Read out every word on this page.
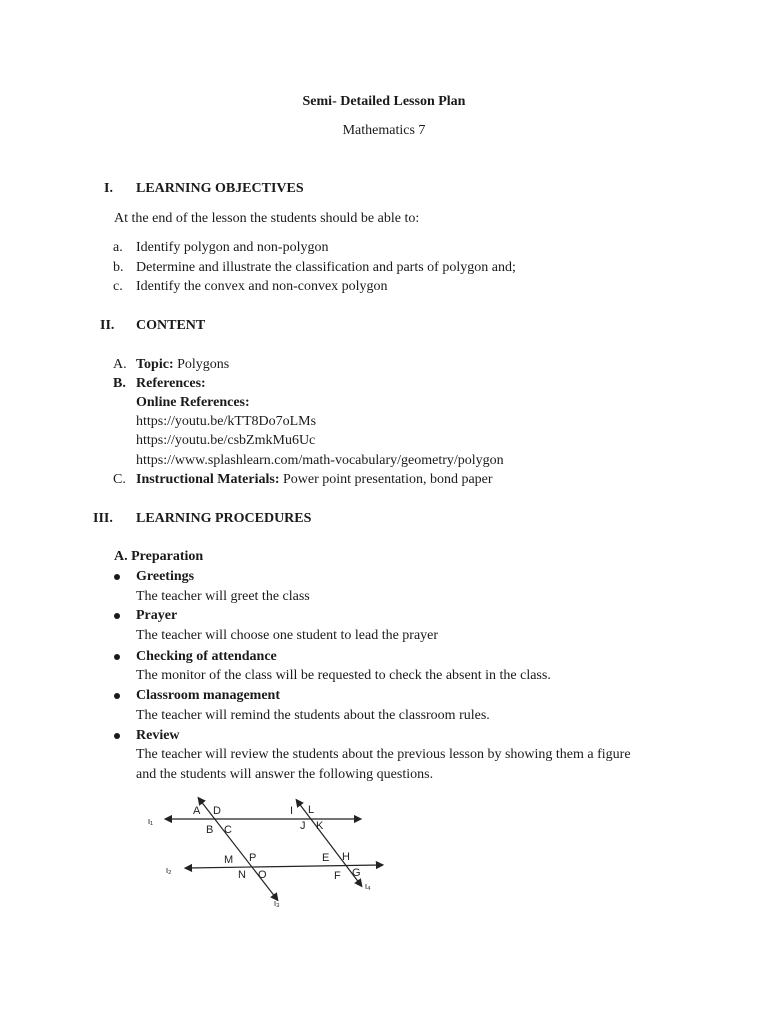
Semi- Detailed Lesson Plan
Mathematics 7
I. LEARNING OBJECTIVES
At the end of the lesson the students should be able to:
a. Identify polygon and non-polygon
b. Determine and illustrate the classification and parts of polygon and;
c. Identify the convex and non-convex polygon
II. CONTENT
A. Topic: Polygons
B. References:
Online References:
https://youtu.be/kTT8Do7oLMs
https://youtu.be/csbZmkMu6Uc
https://www.splashlearn.com/math-vocabulary/geometry/polygon
C. Instructional Materials: Power point presentation, bond paper
III. LEARNING PROCEDURES
A. Preparation
Greetings
The teacher will greet the class
Prayer
The teacher will choose one student to lead the prayer
Checking of attendance
The monitor of the class will be requested to check the absent in the class.
Classroom management
The teacher will remind the students about the classroom rules.
Review
The teacher will review the students about the previous lesson by showing them a figure
and the students will answer the following questions.
ι₁
ι₂
ι₃
ι₄
A D
B C
I L
J K
M P
N O
E H
F G
